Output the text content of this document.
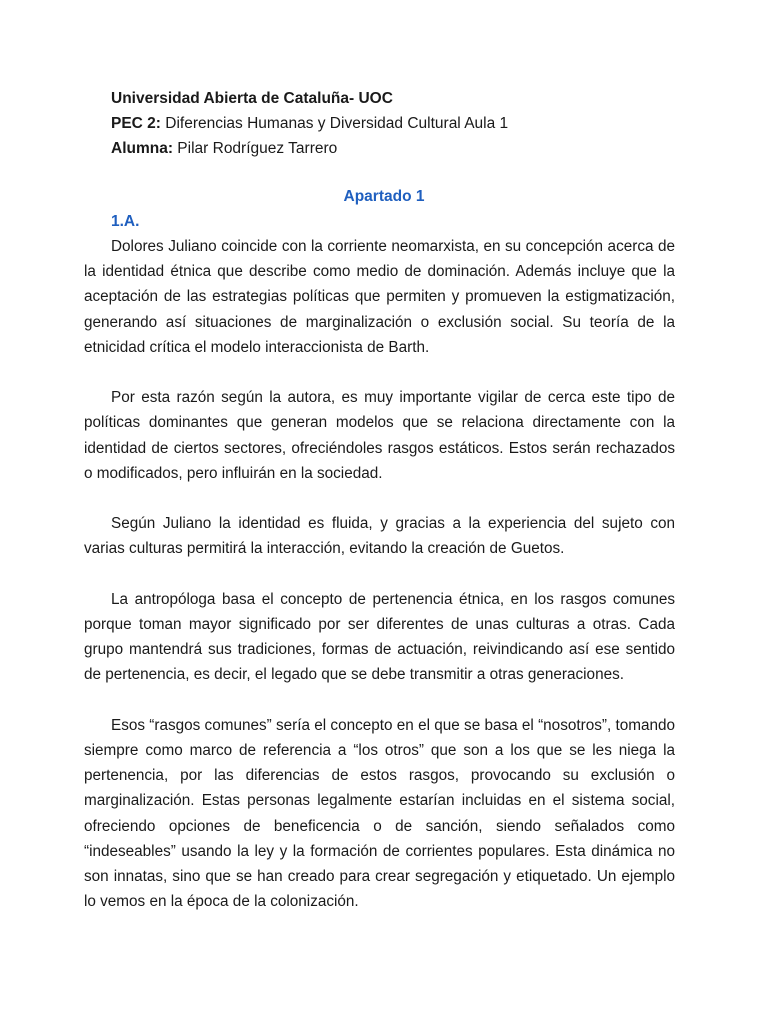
Universidad Abierta de Cataluña- UOC
PEC 2: Diferencias Humanas y Diversidad Cultural Aula 1
Alumna: Pilar Rodríguez Tarrero
Apartado 1
1.A.

Dolores Juliano coincide con la corriente neomarxista, en su concepción acerca de la identidad étnica que describe como medio de dominación. Además incluye que la aceptación de las estrategias políticas que permiten y promueven la estigmatización, generando así situaciones de marginalización o exclusión social. Su teoría de la etnicidad crítica el modelo interaccionista de Barth.

Por esta razón según la autora, es muy importante vigilar de cerca este tipo de políticas dominantes que generan modelos que se relaciona directamente con la identidad de ciertos sectores, ofreciéndoles rasgos estáticos. Estos serán rechazados o modificados, pero influirán en la sociedad.

Según Juliano la identidad es fluida, y gracias a la experiencia del sujeto con varias culturas permitirá la interacción, evitando la creación de Guetos.

La antropóloga basa el concepto de pertenencia étnica, en los rasgos comunes porque toman mayor significado por ser diferentes de unas culturas a otras. Cada grupo mantendrá sus tradiciones, formas de actuación, reivindicando así ese sentido de pertenencia, es decir, el legado que se debe transmitir a otras generaciones.

Esos “rasgos comunes” sería el concepto en el que se basa el “nosotros”, tomando siempre como marco de referencia a “los otros” que son a los que se les niega la pertenencia, por las diferencias de estos rasgos, provocando su exclusión o marginalización. Estas personas legalmente estarían incluidas en el sistema social, ofreciendo opciones de beneficencia o de sanción, siendo señalados como “indeseables” usando la ley y la formación de corrientes populares. Esta dinámica no son innatas, sino que se han creado para crear segregación y etiquetado. Un ejemplo lo vemos en la época de la colonización.
